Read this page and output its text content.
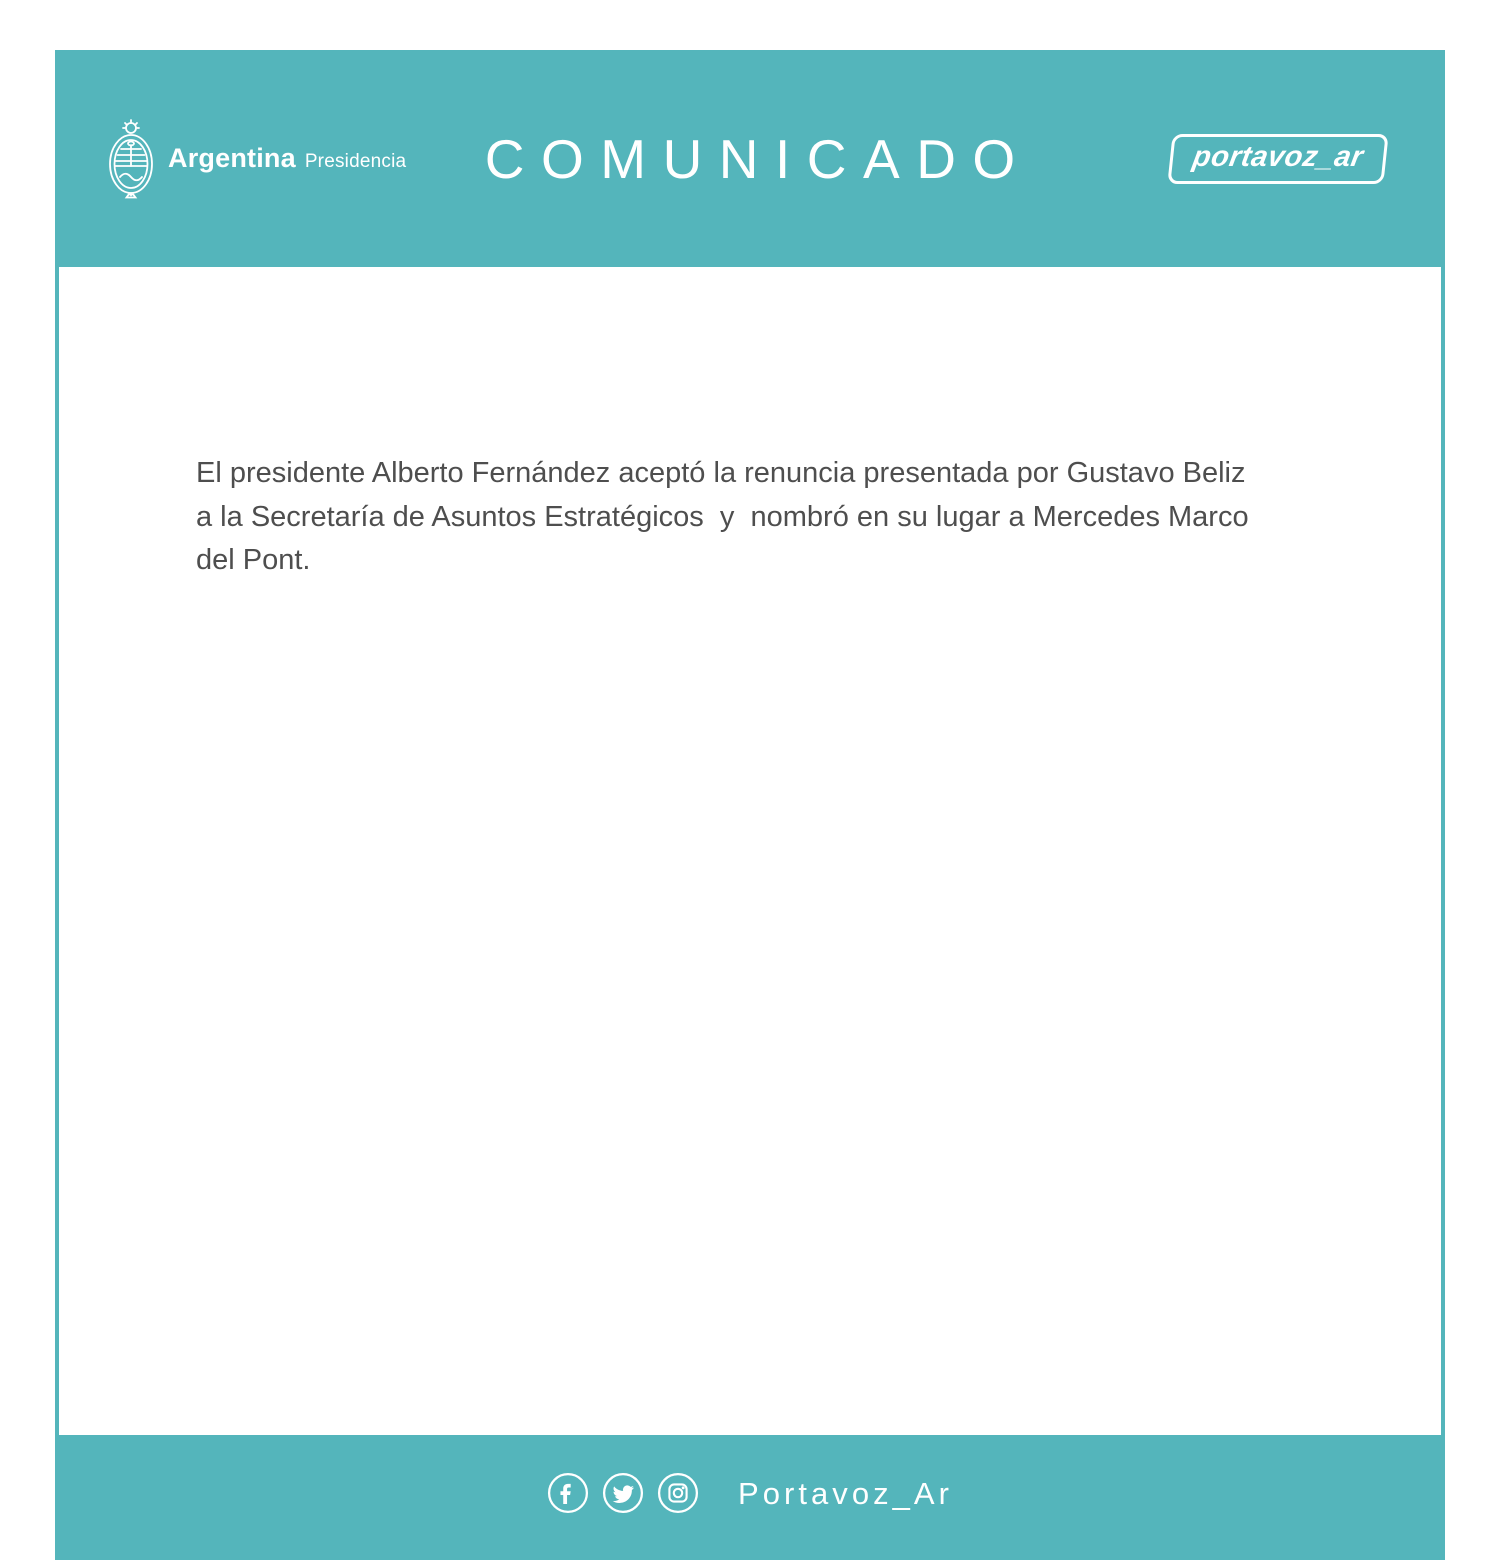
Argentina Presidencia	COMUNICADO	portavoz_ar
El presidente Alberto Fernández aceptó la renuncia presentada por Gustavo Beliz
a la Secretaría de Asuntos Estratégicos  y  nombró en su lugar a Mercedes Marco
del Pont.
Portavoz_Ar
